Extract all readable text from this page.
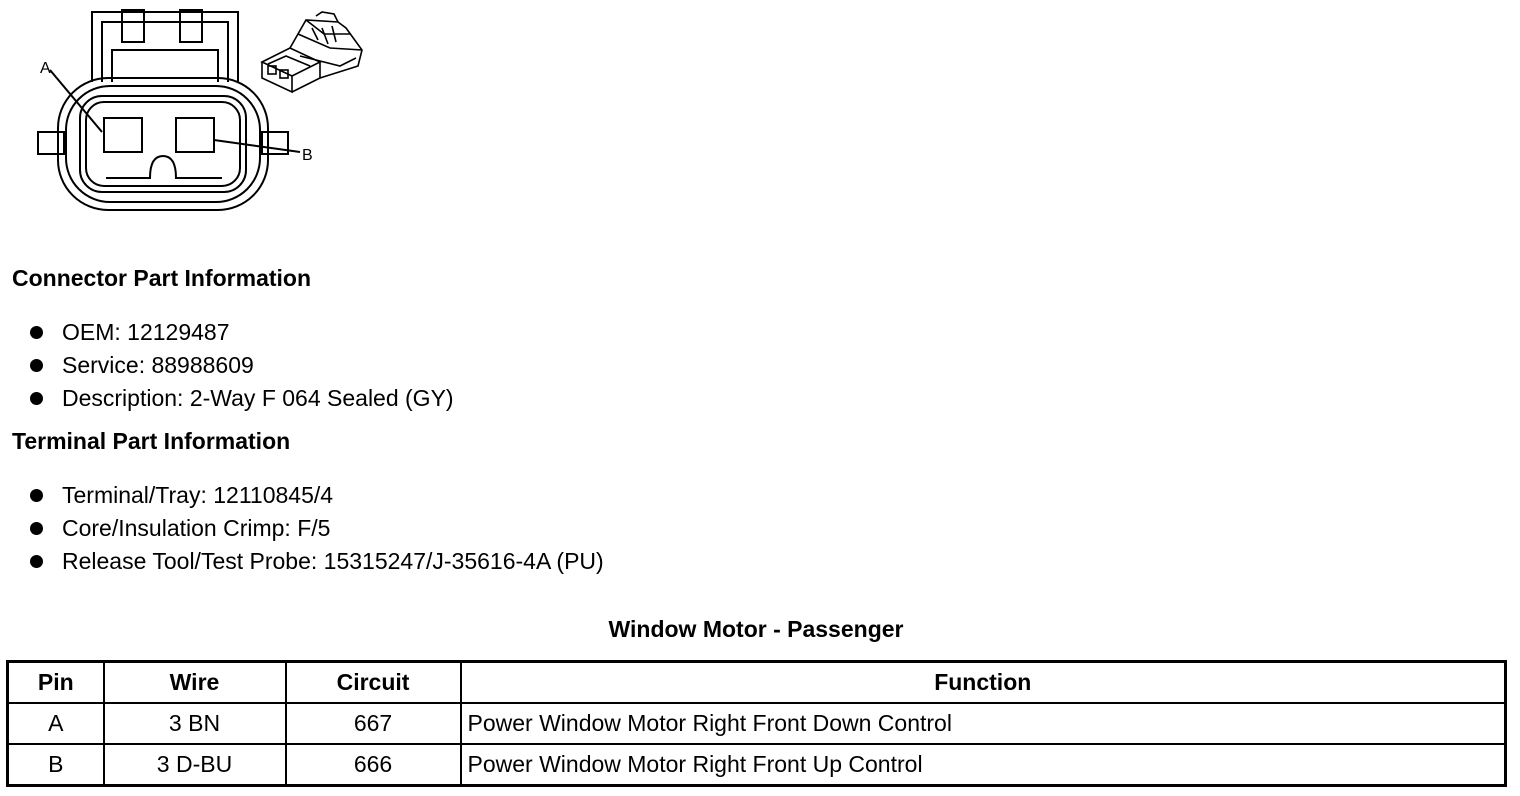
A
B
Connector Part Information
OEM: 12129487
Service: 88988609
Description: 2-Way F 064 Sealed (GY)
Terminal Part Information
Terminal/Tray: 12110845/4
Core/Insulation Crimp: F/5
Release Tool/Test Probe: 15315247/J-35616-4A (PU)
Window Motor - Passenger
Pin	Wire	Circuit	Function
A	3 BN	667	Power Window Motor Right Front Down Control
B	3 D-BU	666	Power Window Motor Right Front Up Control
